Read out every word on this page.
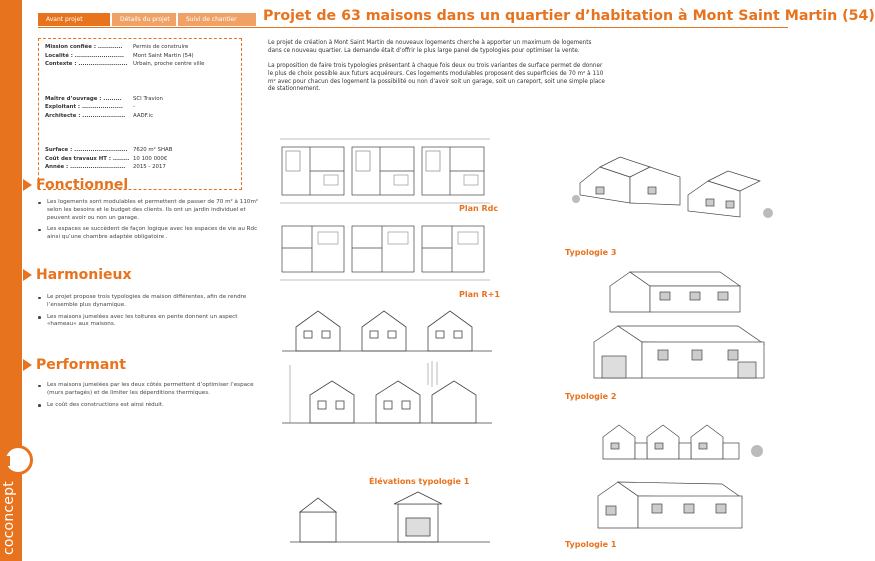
coconcept
Avant projet	Détails du projet	Suivi de chantier	Projet de 63 maisons dans un quartier d’habitation à Mont Saint Martin (54)
Mission confiée : ............	Permis de construire
Localité : ........................	Mont Saint Martin (54)
Contexte : ........................	Urbain, proche centre ville
Maître d’ouvrage : .........	SCI Travion
Exploitant : ....................	-
Architecte : .....................	AADF.ic
Surface : ..........................	7620 m² SHAB
Coût des travaux HT : ........ 10 100 000€
Année : ...........................	2015 - 2017
Fonctionnel
Les logements sont modulables et permettent de passer de 70 m² à 110m² selon les besoins et le budget des clients. Ils ont un jardin individuel et peuvent avoir ou non un garage.
Les espaces se succèdent de façon logique avec les espaces de vie au Rdc ainsi qu’une chambre adaptée obligatoire .
Harmonieux
Le projet propose trois typologies de maison différentes, afin de rendre l’ensemble plus dynamique.
Les maisons jumelées avec les toitures en pente donnent un aspect «hameau» aux maisons.
Performant
Les maisons jumelées par les deux côtés permettent d’optimiser l’espace (murs partagés) et de limiter les déperditions thermiques.
Le coût des constructions est ainsi réduit.

Le projet de création à Mont Saint Martin de nouveaux logements cherche à apporter un maximum de logements dans ce nouveau quartier. La demande était d’offrir le plus large panel de typologies pour optimiser la vente.

La proposition de faire trois typologies présentant à chaque fois deux ou trois variantes de surface permet de donner le plus de choix possible aux futurs acquéreurs. Ces logements modulables proposent des superficies de 70 m² à 110 m² avec pour chacun des logement la possibilité ou non d’avoir soit un garage, soit un careport, soit une simple place de stationnement.

Plan Rdc
Plan R+1
Élévations typologie 1
Typologie 3
Typologie 2
Typologie 1
